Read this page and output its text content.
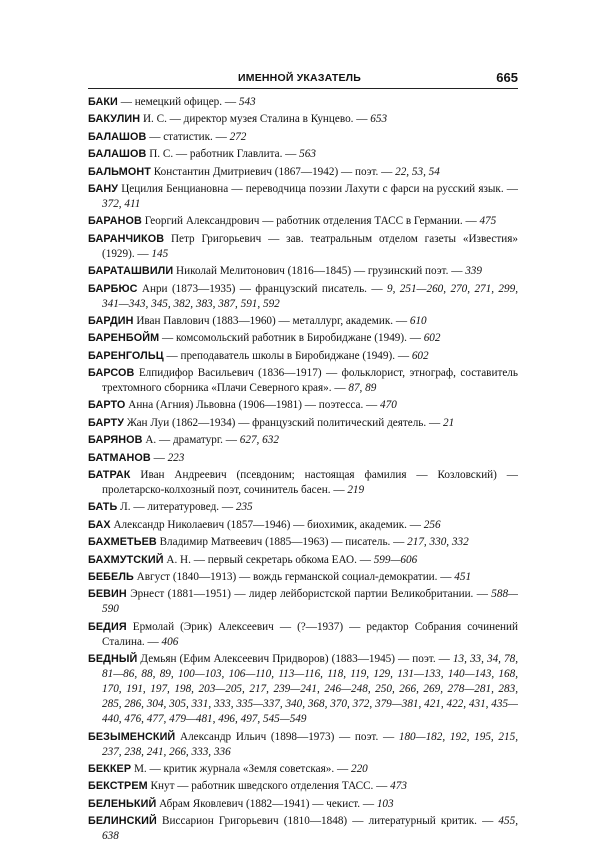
ИМЕННОЙ УКАЗАТЕЛЬ	665
БАКИ — немецкий офицер. — 543
БАКУЛИН И. С. — директор музея Сталина в Кунцево. — 653
БАЛАШОВ — статистик. — 272
БАЛАШОВ П. С. — работник Главлита. — 563
БАЛЬМОНТ Константин Дмитриевич (1867—1942) — поэт. — 22, 53, 54
БАНУ Цецилия Бенциановна — переводчица поэзии Лахути с фарси на русский язык. — 372, 411
БАРАНОВ Георгий Александрович — работник отделения ТАСС в Германии. — 475
БАРАНЧИКОВ Петр Григорьевич — зав. театральным отделом газеты «Известия» (1929). — 145
БАРАТАШВИЛИ Николай Мелитонович (1816—1845) — грузинский поэт. — 339
БАРБЮС Анри (1873—1935) — французский писатель. — 9, 251—260, 270, 271, 299, 341—343, 345, 382, 383, 387, 591, 592
БАРДИН Иван Павлович (1883—1960) — металлург, академик. — 610
БАРЕНБОЙМ — комсомольский работник в Биробиджане (1949). — 602
БАРЕНГОЛЬЦ — преподаватель школы в Биробиджане (1949). — 602
БАРСОВ Елпидифор Васильевич (1836—1917) — фольклорист, этнограф, составитель трехтомного сборника «Плачи Северного края». — 87, 89
БАРТО Анна (Агния) Львовна (1906—1981) — поэтесса. — 470
БАРТУ Жан Луи (1862—1934) — французский политический деятель. — 21
БАРЯНОВ А. — драматург. — 627, 632
БАТМАНОВ — 223
БАТРАК Иван Андреевич (псевдоним; настоящая фамилия — Козловский) — пролетарско-колхозный поэт, сочинитель басен. — 219
БАТЬ Л. — литературовед. — 235
БАХ Александр Николаевич (1857—1946) — биохимик, академик. — 256
БАХМЕТЬЕВ Владимир Матвеевич (1885—1963) — писатель. — 217, 330, 332
БАХМУТСКИЙ А. Н. — первый секретарь обкома ЕАО. — 599—606
БЕБЕЛЬ Август (1840—1913) — вождь германской социал-демократии. — 451
БЕВИН Эрнест (1881—1951) — лидер лейбористской партии Великобритании. — 588—590
БЕДИЯ Ермолай (Эрик) Алексеевич — (?—1937) — редактор Собрания сочинений Сталина. — 406
БЕДНЫЙ Демьян (Ефим Алексеевич Придворов) (1883—1945) — поэт. — 13, 33, 34, 78, 81—86, 88, 89, 100—103, 106—110, 113—116, 118, 119, 129, 131—133, 140—143, 168, 170, 191, 197, 198, 203—205, 217, 239—241, 246—248, 250, 266, 269, 278—281, 283, 285, 286, 304, 305, 331, 333, 335—337, 340, 368, 370, 372, 379—381, 421, 422, 431, 435—440, 476, 477, 479—481, 496, 497, 545—549
БЕЗЫМЕНСКИЙ Александр Ильич (1898—1973) — поэт. — 180—182, 192, 195, 215, 237, 238, 241, 266, 333, 336
БЕККЕР М. — критик журнала «Земля советская». — 220
БЕКСТРЕМ Кнут — работник шведского отделения ТАСС. — 473
БЕЛЕНЬКИЙ Абрам Яковлевич (1882—1941) — чекист. — 103
БЕЛИНСКИЙ Виссарион Григорьевич (1810—1848) — литературный критик. — 455, 638
